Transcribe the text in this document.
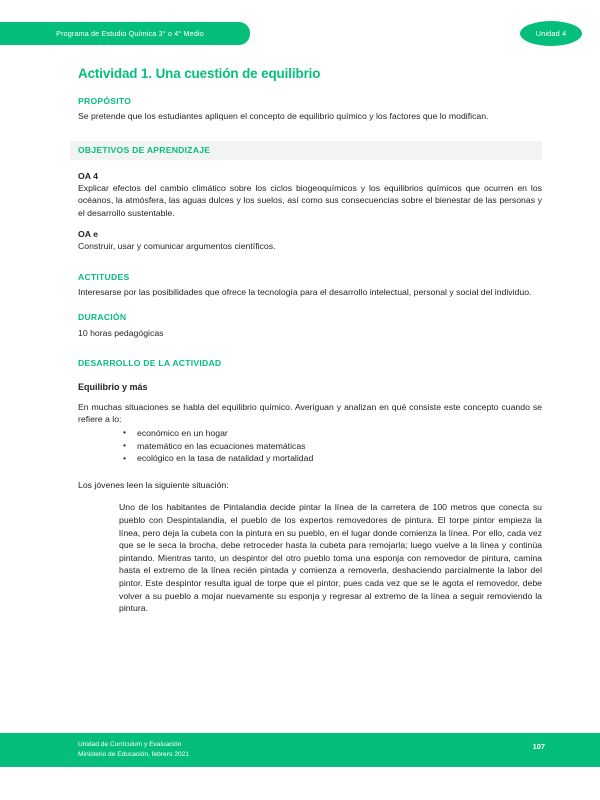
Programa de Estudio Química 3° o 4° Medio	Unidad 4
Actividad 1. Una cuestión de equilibrio
PROPÓSITO

Se pretende que los estudiantes apliquen el concepto de equilibrio químico y los factores que lo modifican.

OBJETIVOS DE APRENDIZAJE
OA 4

Explicar efectos del cambio climático sobre los ciclos biogeoquímicos y los equilibrios químicos que ocurren en los océanos, la atmósfera, las aguas dulces y los suelos, así como sus consecuencias sobre el bienestar de las personas y el desarrollo sustentable.

OA e

Construir, usar y comunicar argumentos científicos.

ACTITUDES

Interesarse por las posibilidades que ofrece la tecnología para el desarrollo intelectual, personal y social del individuo.

DURACIÓN

10 horas pedagógicas

DESARROLLO DE LA ACTIVIDAD
Equilibrio y más

En muchas situaciones se habla del equilibrio químico. Averiguan y analizan en qué consiste este concepto cuando se refiere a lo:

• económico en un hogar
• matemático en las ecuaciones matemáticas
• ecológico en la tasa de natalidad y mortalidad

Los jóvenes leen la siguiente situación:

Uno de los habitantes de Pintalandia decide pintar la línea de la carretera de 100 metros que conecta su pueblo con Despintalandia, el pueblo de los expertos removedores de pintura. El torpe pintor empieza la línea, pero deja la cubeta con la pintura en su pueblo, en el lugar donde comienza la línea. Por ello, cada vez que se le seca la brocha, debe retroceder hasta la cubeta para remojarla; luego vuelve a la línea y continúa pintando. Mientras tanto, un despintor del otro pueblo toma una esponja con removedor de pintura, camina hasta el extremo de la línea recién pintada y comienza a removerla, deshaciendo parcialmente la labor del pintor. Este despintor resulta igual de torpe que el pintor, pues cada vez que se le agota el removedor, debe volver a su pueblo a mojar nuevamente su esponja y regresar al extremo de la línea a seguir removiendo la pintura.
Unidad de Currículum y Evaluación
Ministerio de Educación, febrero 2021
107
